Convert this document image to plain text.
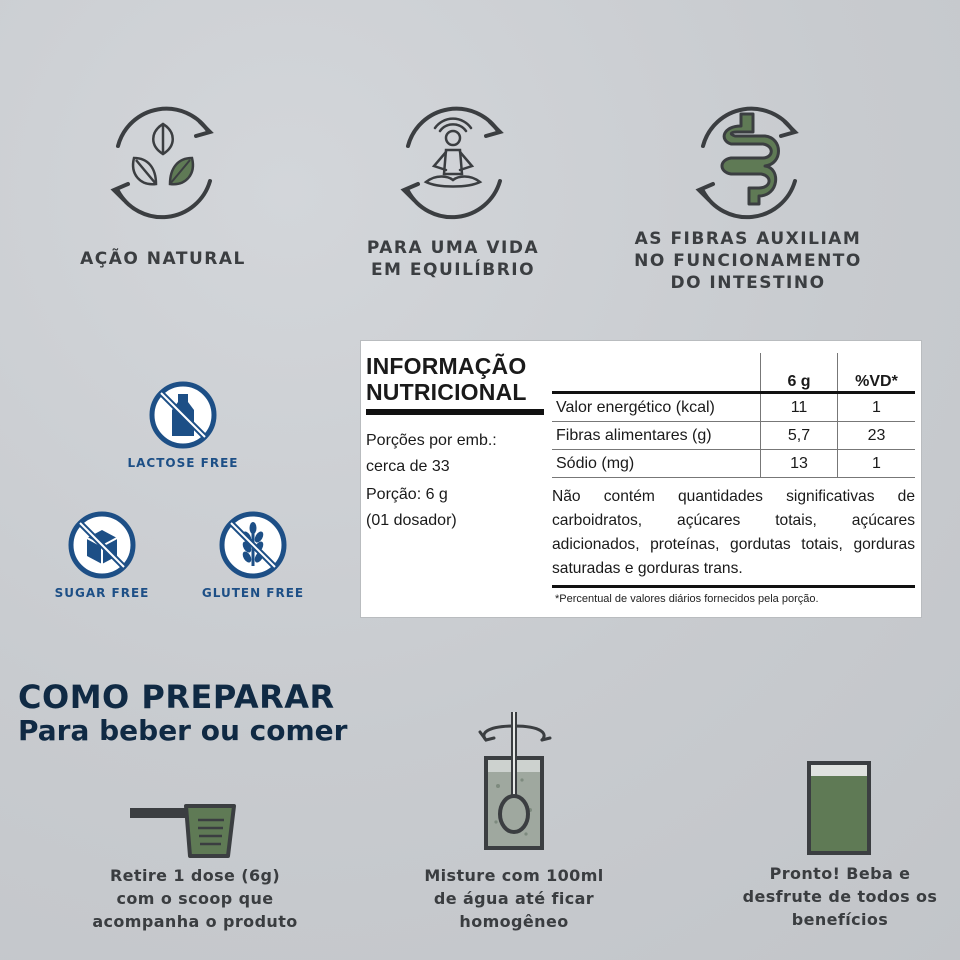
AÇÃO NATURAL
PARA UMA VIDA
EM EQUILÍBRIO
AS FIBRAS AUXILIAM
NO FUNCIONAMENTO
DO INTESTINO
LACTOSE FREE
SUGAR FREE	GLUTEN FREE
INFORMAÇÃO
NUTRICIONAL
Porções por emb.:
cerca de 33
Porção: 6 g
(01 dosador)
	6 g	%VD*
Valor energético (kcal)	11	1
Fibras alimentares (g)	5,7	23
Sódio (mg)	13	1
Não contém quantidades significativas de carboidratos, açúcares totais, açúcares adicionados, proteínas, gordutas totais, gorduras saturadas e gorduras trans.
*Percentual de valores diários fornecidos pela porção.
COMO PREPARAR
Para beber ou comer
Retire 1 dose (6g)
com o scoop que
acompanha o produto
Misture com 100ml
de água até ficar
homogêneo
Pronto! Beba e
desfrute de todos os
benefícios
